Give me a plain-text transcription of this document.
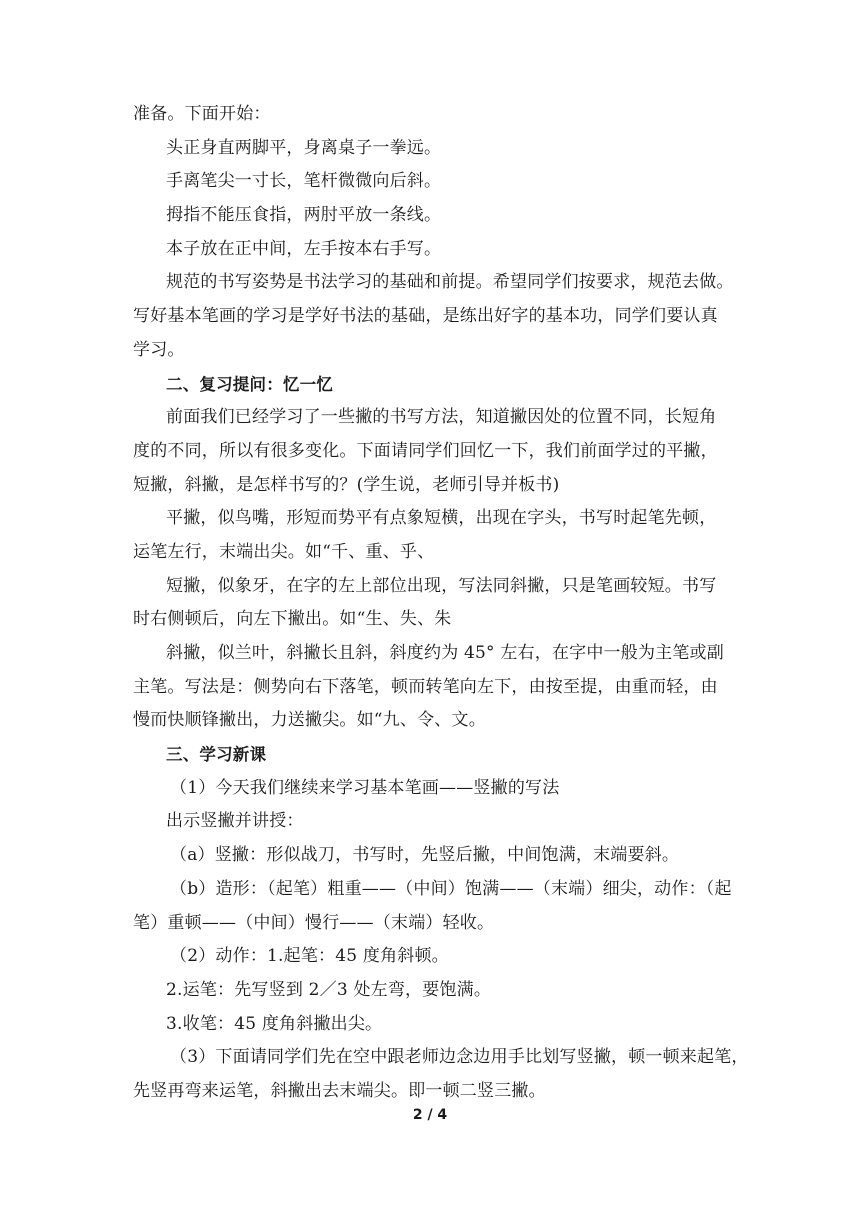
准备。下面开始：
头正身直两脚平，身离桌子一拳远。
手离笔尖一寸长，笔杆微微向后斜。
拇指不能压食指，两肘平放一条线。
本子放在正中间，左手按本右手写。
规范的书写姿势是书法学习的基础和前提。希望同学们按要求，规范去做。
写好基本笔画的学习是学好书法的基础，是练出好字的基本功，同学们要认真
学习。
二、复习提问：忆一忆
前面我们已经学习了一些撇的书写方法，知道撇因处的位置不同，长短角
度的不同，所以有很多变化。下面请同学们回忆一下，我们前面学过的平撇，
短撇，斜撇，是怎样书写的？(学生说，老师引导并板书)
平撇，似鸟嘴，形短而势平有点象短横，出现在字头，书写时起笔先顿，
运笔左行，末端出尖。如“千、重、乎、
短撇，似象牙，在字的左上部位出现，写法同斜撇，只是笔画较短。书写
时右侧顿后，向左下撇出。如“生、失、朱
斜撇，似兰叶，斜撇长且斜，斜度约为 45° 左右，在字中一般为主笔或副
主笔。写法是：侧势向右下落笔，顿而转笔向左下，由按至提，由重而轻，由
慢而快顺锋撇出，力送撇尖。如“九、令、文。
三、学习新课
（1）今天我们继续来学习基本笔画——竖撇的写法
出示竖撇并讲授：
（a）竖撇：形似战刀，书写时，先竖后撇，中间饱满，末端要斜。
（b）造形：（起笔）粗重——（中间）饱满——（末端）细尖，动作：（起
笔）重顿——（中间）慢行——（末端）轻收。
（2）动作：1.起笔：45 度角斜顿。
2.运笔：先写竖到 2／3 处左弯，要饱满。
3.收笔：45 度角斜撇出尖。
（3）下面请同学们先在空中跟老师边念边用手比划写竖撇，顿一顿来起笔，
先竖再弯来运笔，斜撇出去末端尖。即一顿二竖三撇。
2 / 4
